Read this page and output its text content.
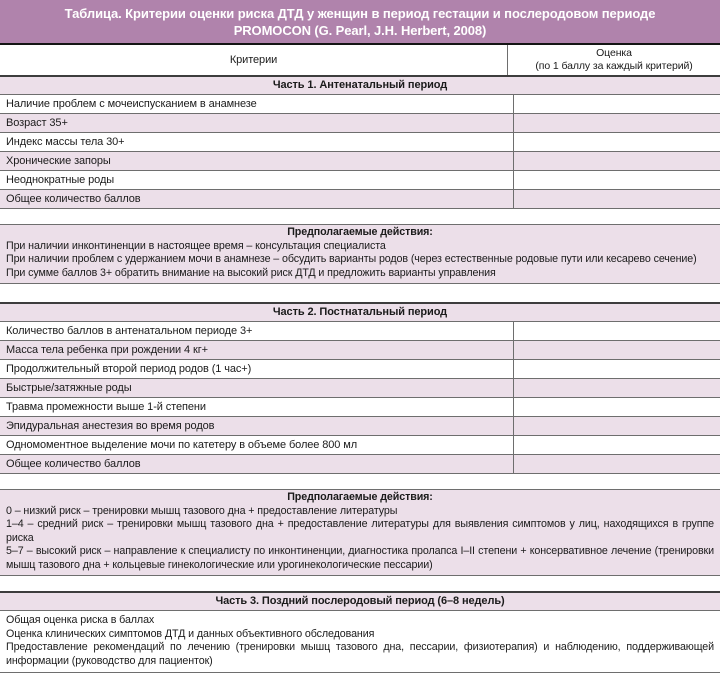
Таблица. Критерии оценки риска ДТД у женщин в период гестации и послеродовом периоде
PROMOCON (G. Pearl, J.H. Herbert, 2008)
Критерии
Оценка
(по 1 баллу за каждый критерий)
Часть 1. Антенатальный период
Наличие проблем с мочеиспусканием в анамнезе
Возраст 35+
Индекс массы тела 30+
Хронические запоры
Неоднократные роды
Общее количество баллов
Предполагаемые действия:
При наличии инконтиненции в настоящее время – консультация специалиста
При наличии проблем с удержанием мочи в анамнезе – обсудить варианты родов (через естественные родовые пути или кесарево сечение)
При сумме баллов 3+ обратить внимание на высокий риск ДТД и предложить варианты управления
Часть 2. Постнатальный период
Количество баллов в антенатальном периоде 3+
Масса тела ребенка при рождении 4 кг+
Продолжительный второй период родов (1 час+)
Быстрые/затяжные роды
Травма промежности выше 1-й степени
Эпидуральная анестезия во время родов
Одномоментное выделение мочи по катетеру в объеме более 800 мл
Общее количество баллов
Предполагаемые действия:
0 – низкий риск – тренировки мышц тазового дна + предоставление литературы
1–4 – средний риск – тренировки мышц тазового дна + предоставление литературы для выявления симптомов у лиц, находящихся в группе риска
5–7 – высокий риск – направление к специалисту по инконтиненции, диагностика пролапса I–II степени + консервативное лечение (тренировки мышц тазового дна + кольцевые гинекологические или урогинекологические пессарии)
Часть 3. Поздний послеродовый период (6–8 недель)
Общая оценка риска в баллах
Оценка клинических симптомов ДТД и данных объективного обследования
Предоставление рекомендаций по лечению (тренировки мышц тазового дна, пессарии, физиотерапия) и наблюдению, поддерживающей информации (руководство для пациенток)
